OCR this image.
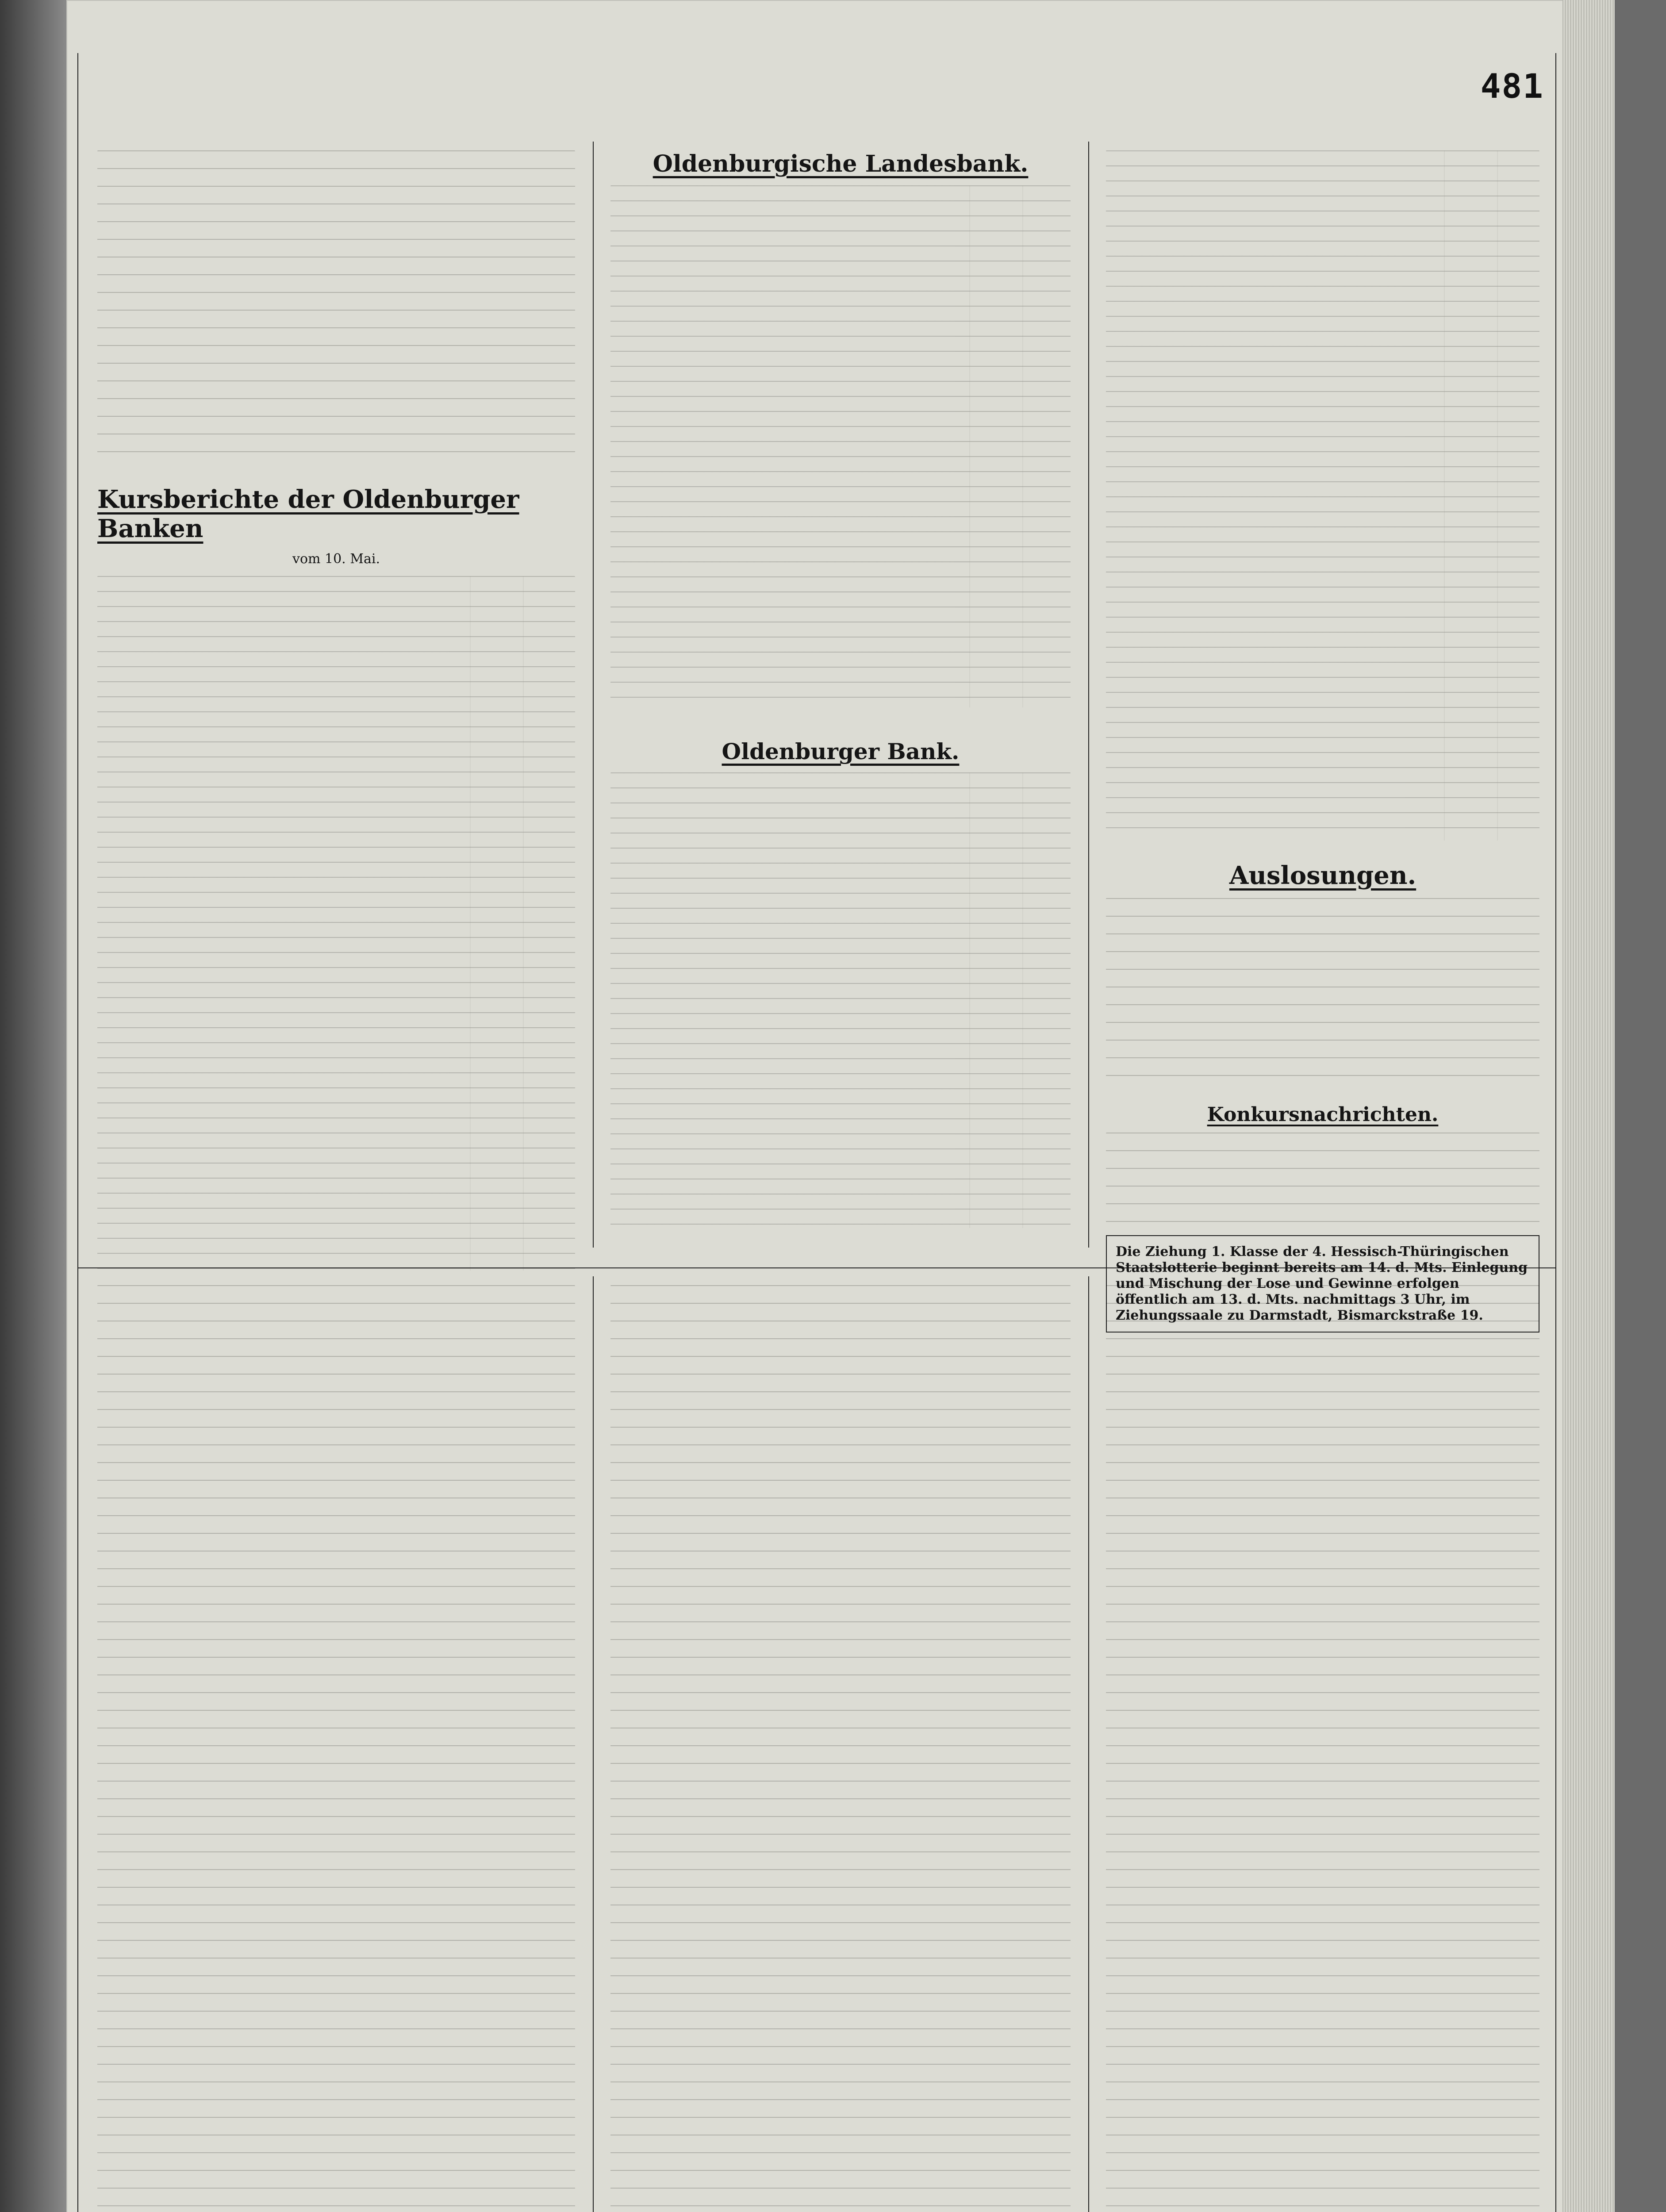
481
Kursberichte der Oldenburger Banken
vom 10. Mai.
Oldenburgische Landesbank.
Oldenburger Bank.
Auslosungen.
Konkursnachrichten.
Die Ziehung 1. Klasse der 4. Hessisch-Thüringischen Staatslotterie beginnt bereits am 14. d. Mts. Einlegung und Mischung der Lose und Gewinne erfolgen öffentlich am 13. d. Mts. nachmittags 3 Uhr, im Ziehungssaale zu Darmstadt, Bismarckstraße 19.
